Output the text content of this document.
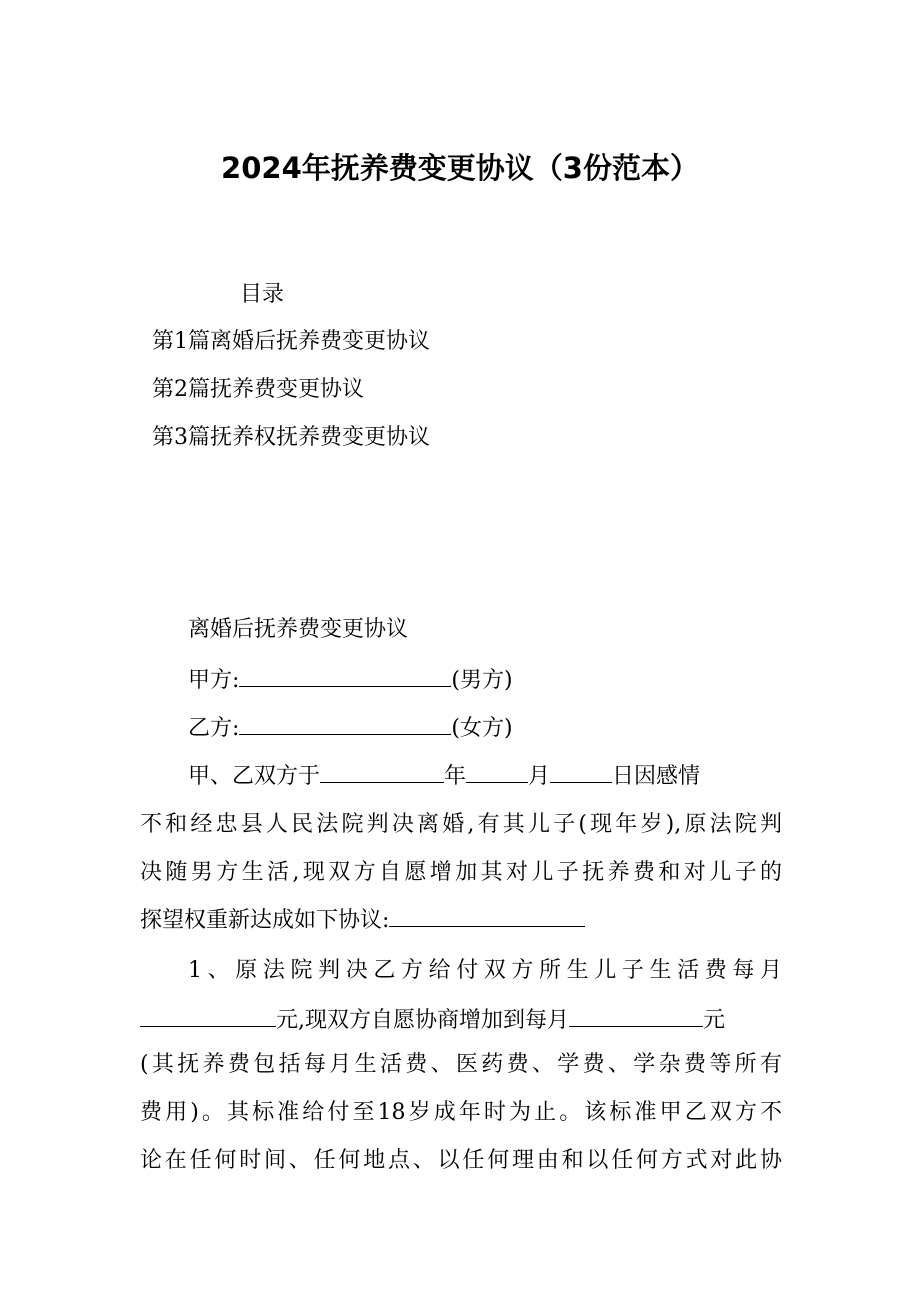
2024年抚养费变更协议（3份范本）
目录
第1篇离婚后抚养费变更协议
第2篇抚养费变更协议
第3篇抚养权抚养费变更协议
离婚后抚养费变更协议
甲方:	(男方)
乙方:	(女方)
甲、乙双方于	年	月	日因感情
不和经忠县人民法院判决离婚,有其儿子(现年岁),原法院判
决随男方生活,现双方自愿增加其对儿子抚养费和对儿子的
探望权重新达成如下协议:
1、原法院判决乙方给付双方所生儿子生活费每月
元,现双方自愿协商增加到每月	元
(其抚养费包括每月生活费、医药费、学费、学杂费等所有
费用)。其标准给付至18岁成年时为止。该标准甲乙双方不
论在任何时间、任何地点、以任何理由和以任何方式对此协
